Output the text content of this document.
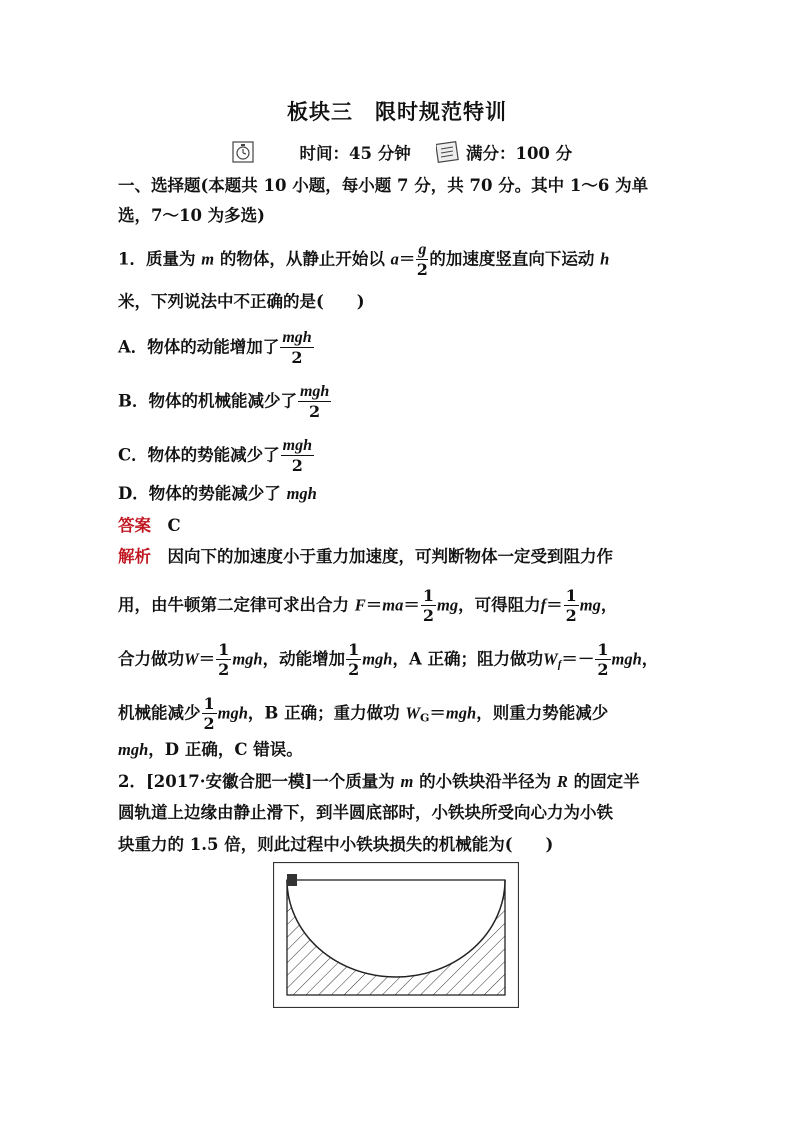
板块三　限时规范特训
时间：45 分钟	满分：100 分
一、选择题(本题共 10 小题，每小题 7 分，共 70 分。其中 1～6 为单
选，7～10 为多选)
1．质量为 m 的物体，从静止开始以 $a= \frac{g}{2}$ 的加速度竖直向下运动 h
米，下列说法中不正确的是(　　)
A．物体的动能增加了 $\frac{\text{mgh}}{2}$
B．物体的机械能减少了 $\frac{\text{mgh}}{2}$
C．物体的势能减少了 $\frac{\text{mgh}}{2}$
D．物体的势能减少了 mgh
答案　 C
解析　 因向下的加速度小于重力加速度，可判断物体一定受到阻力作
用，由牛顿第二定律可求出合力 $F=ma= \frac{1}{2}$ mg，可得阻力$f= \frac{1}{2}$ mg，
合力做功$W= \frac{1}{2}$ mgh，动能增加 $\frac{1}{2}$ mgh，A 正确；阻力做功$W_f=- \frac{1}{2}$ mgh，
机械能减少 $\frac{1}{2}$ mgh，B 正确；重力做功 $W_G=mgh$，则重力势能减少
mgh，D 正确，C 错误。
2．[2017·安徽合肥一模]一个质量为 m 的小铁块沿半径为 R 的固定半
圆轨道上边缘由静止滑下，到半圆底部时，小铁块所受向心力为小铁
块重力的 1.5 倍，则此过程中小铁块损失的机械能为(　　)
